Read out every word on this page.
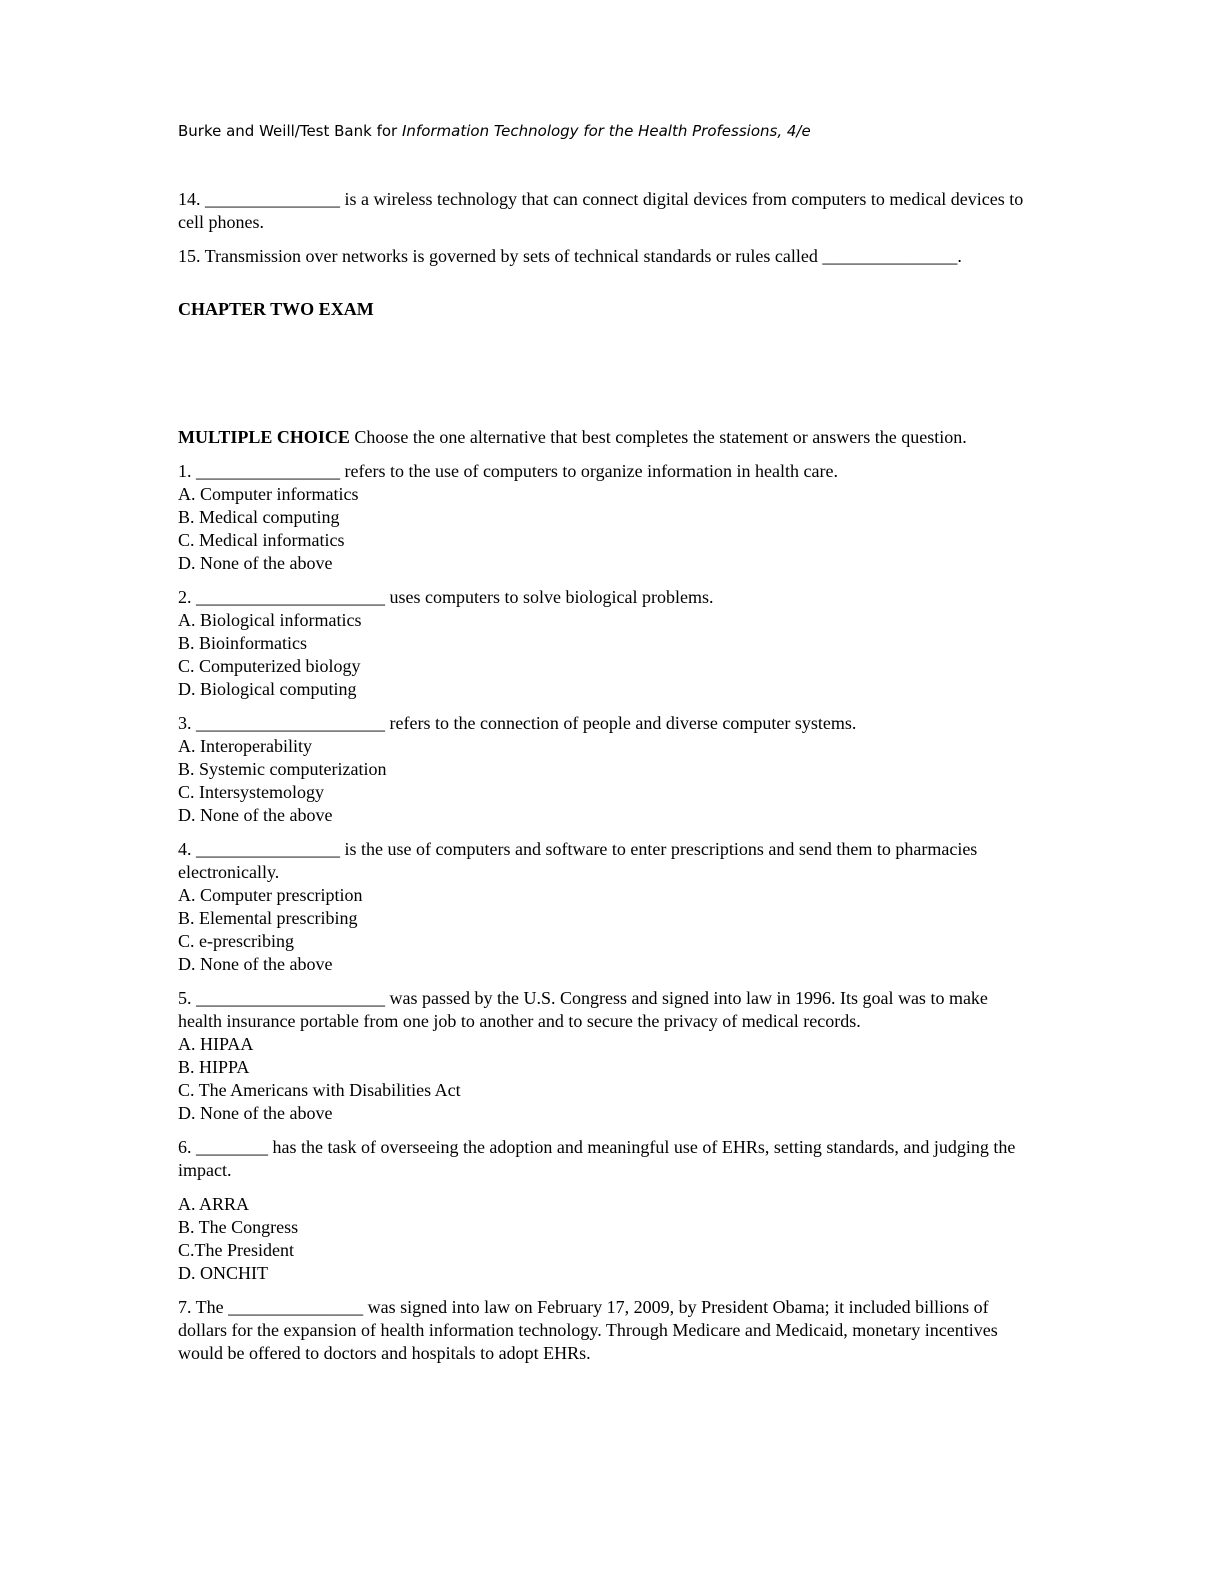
Burke and Weill/Test Bank for Information Technology for the Health Professions, 4/e

14. _______________ is a wireless technology that can connect digital devices from computers to medical devices to cell phones.

15. Transmission over networks is governed by sets of technical standards or rules called _______________.

CHAPTER TWO EXAM

MULTIPLE CHOICE Choose the one alternative that best completes the statement or answers the question.

1. ________________ refers to the use of computers to organize information in health care.
A. Computer informatics
B. Medical computing
C. Medical informatics
D. None of the above
2. _____________________ uses computers to solve biological problems.
A. Biological informatics
B. Bioinformatics
C. Computerized biology
D. Biological computing
3. _____________________ refers to the connection of people and diverse computer systems.
A. Interoperability
B. Systemic computerization
C. Intersystemology
D. None of the above
4. ________________ is the use of computers and software to enter prescriptions and send them to pharmacies electronically.
A. Computer prescription
B. Elemental prescribing
C. e-prescribing
D. None of the above
5. _____________________ was passed by the U.S. Congress and signed into law in 1996. Its goal was to make health insurance portable from one job to another and to secure the privacy of medical records.
A. HIPAA
B. HIPPA
C. The Americans with Disabilities Act
D. None of the above
6. ________ has the task of overseeing the adoption and meaningful use of EHRs, setting standards, and judging the impact.
A. ARRA
B. The Congress
C.The President
D. ONCHIT
7. The _______________ was signed into law on February 17, 2009, by President Obama; it included billions of dollars for the expansion of health information technology. Through Medicare and Medicaid, monetary incentives would be offered to doctors and hospitals to adopt EHRs.
